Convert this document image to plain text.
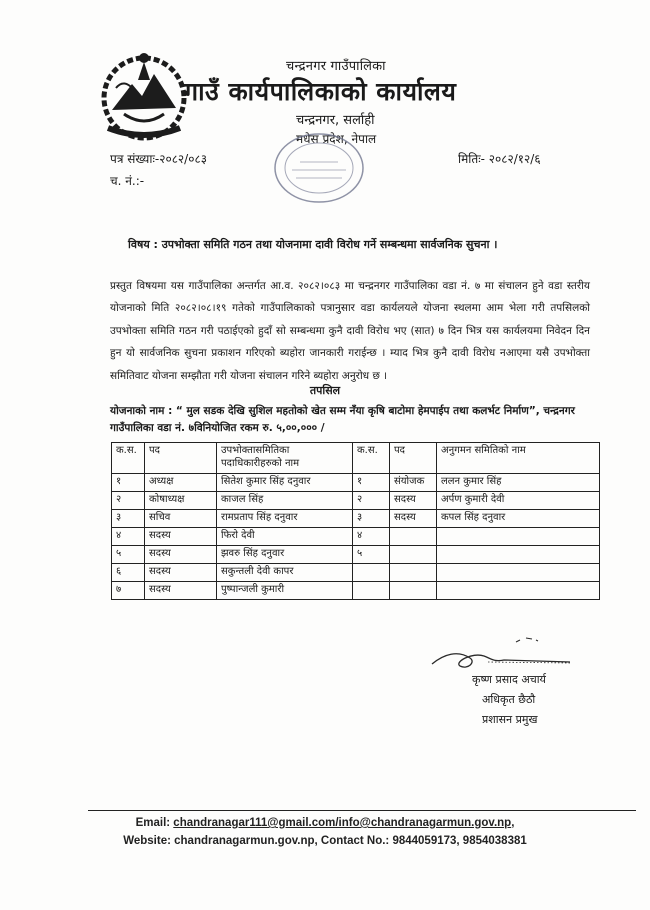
चन्द्रनगर गाउँपालिका
गाउँ कार्यपालिकाको कार्यालय
चन्द्रनगर, सर्लाही
मधेस प्रदेश, नेपाल
पत्र संख्याः-२०८२/०८३
च. नं.:-
मितिः- २०८२/१२/६
विषय : उपभोक्ता समिति गठन तथा योजनामा दावी विरोध गर्ने सम्बन्धमा सार्वजनिक सुचना ।
प्रस्तुत विषयमा यस गाउँपालिका अन्तर्गत आ.व. २०८२।०८३ मा चन्द्रनगर गाउँपालिका वडा नं. ७ मा संचालन हुने वडा स्तरीय योजनाको मिति २०८२।०८।१९ गतेको गाउँपालिकाको पत्रानुसार वडा कार्यलयले योजना स्थलमा आम भेला गरी तपसिलको उपभोक्ता समिति गठन गरी पठाईएको हुदाँ सो सम्बन्धमा कुनै दावी विरोध भए (सात) ७ दिन भित्र यस कार्यलयमा निवेदन दिन हुन यो सार्वजनिक सुचना प्रकाशन गरिएको ब्यहोरा जानकारी गराईन्छ । म्याद भित्र कुनै दावी विरोध नआएमा यसै उपभोक्ता समितिवाट योजना सम्झौता गरी योजना संचालन गरिने ब्यहोरा अनुरोध छ ।
तपसिल
योजनाको नाम : “ मुल सडक देखि सुशिल महतोको खेत सम्म नँया कृषि बाटोमा हेमपाईप तथा कलर्भट निर्माण”, चन्द्रनगर गाउँपालिका वडा नं. ७विनियोजित रकम रु. ५,००,००० /
क.स.	पद	उपभोक्तासमितिका पदाधिकारीहरुको नाम	क.स.	पद	अनुगमन समितिको नाम
१	अध्यक्ष	सितेश कुमार सिंह दनुवार	१	संयोजक	ललन कुमार सिंह
२	कोषाध्यक्ष	काजल सिंह	२	सदस्य	अर्पण कुमारी देवी
३	सचिव	रामप्रताप सिंह दनुवार	३	सदस्य	कपल सिंह दनुवार
४	सदस्य	फिरो देवी	४		
५	सदस्य	झवरु सिंह दनुवार	५		
६	सदस्य	सकुन्तली देवी कापर			
७	सदस्य	पुष्पान्जली कुमारी			
कृष्ण प्रसाद अचार्य
अधिकृत छैठौ
प्रशासन प्रमुख
Email: chandranagar111@gmail.com/info@chandranagarmun.gov.np,
Website: chandranagarmun.gov.np, Contact No.: 9844059173, 9854038381
